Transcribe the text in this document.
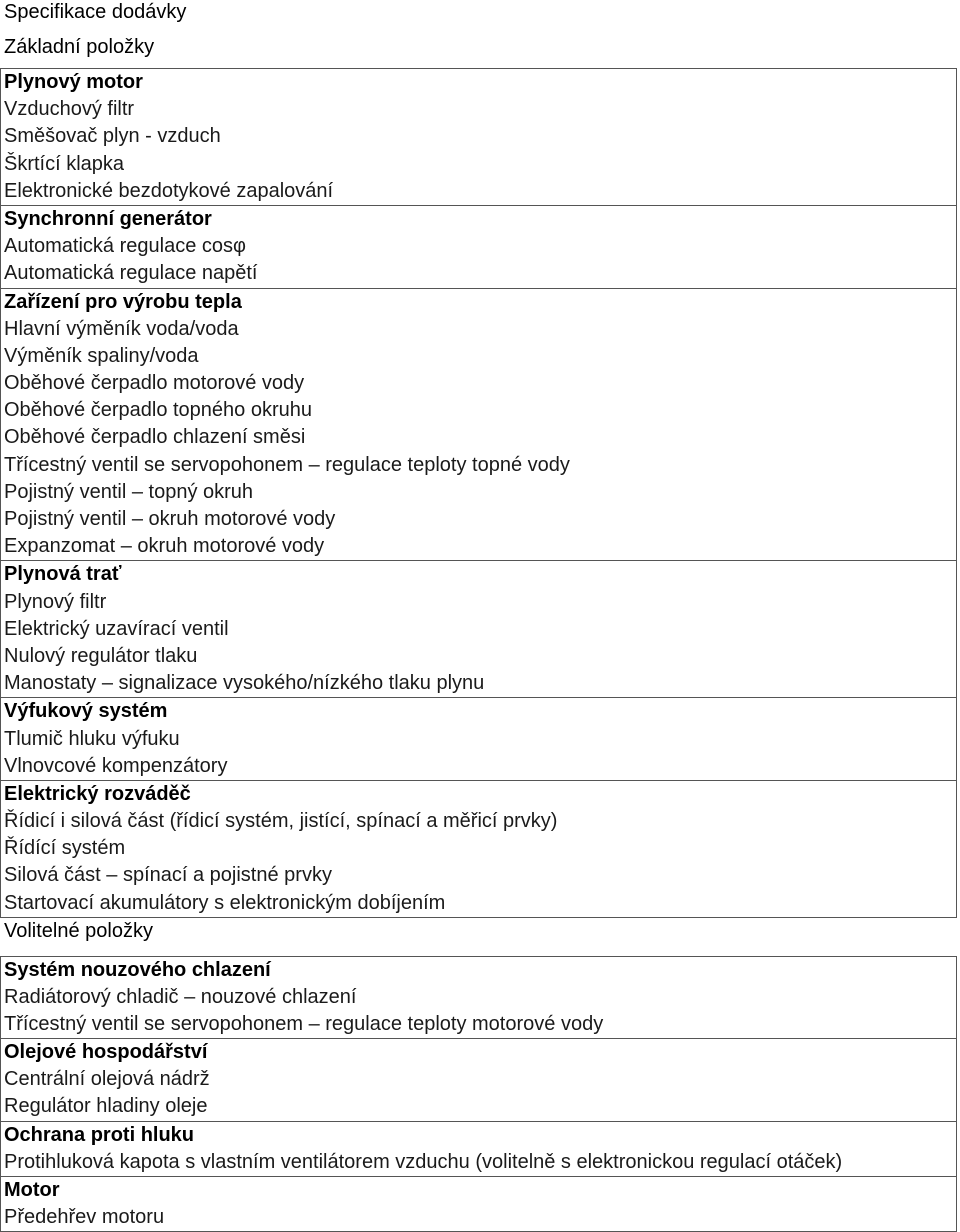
Specifikace dodávky
Základní položky
Plynový motor
Vzduchový filtr
Směšovač plyn - vzduch
Škrtící klapka
Elektronické bezdotykové zapalování
Synchronní generátor
Automatická regulace cosφ
Automatická regulace napětí
Zařízení pro výrobu tepla
Hlavní výměník voda/voda
Výměník spaliny/voda
Oběhové čerpadlo motorové vody
Oběhové čerpadlo topného okruhu
Oběhové čerpadlo chlazení směsi
Třícestný ventil se servopohonem – regulace teploty topné vody
Pojistný ventil – topný okruh
Pojistný ventil – okruh motorové vody
Expanzomat – okruh motorové vody
Plynová trať
Plynový filtr
Elektrický uzavírací ventil
Nulový regulátor tlaku
Manostaty – signalizace vysokého/nízkého tlaku plynu
Výfukový systém
Tlumič hluku výfuku
Vlnovcové kompenzátory
Elektrický rozváděč
Řídicí i silová část (řídicí systém, jistící, spínací a měřicí prvky)
Řídící systém
Silová část – spínací a pojistné prvky
Startovací akumulátory s elektronickým dobíjením
Volitelné položky
Systém nouzového chlazení
Radiátorový chladič – nouzové chlazení
Třícestný ventil se servopohonem – regulace teploty motorové vody
Olejové hospodářství
Centrální olejová nádrž
Regulátor hladiny oleje
Ochrana proti hluku
Protihluková kapota s vlastním ventilátorem vzduchu (volitelně s elektronickou regulací otáček)
Motor
Předehřev motoru
